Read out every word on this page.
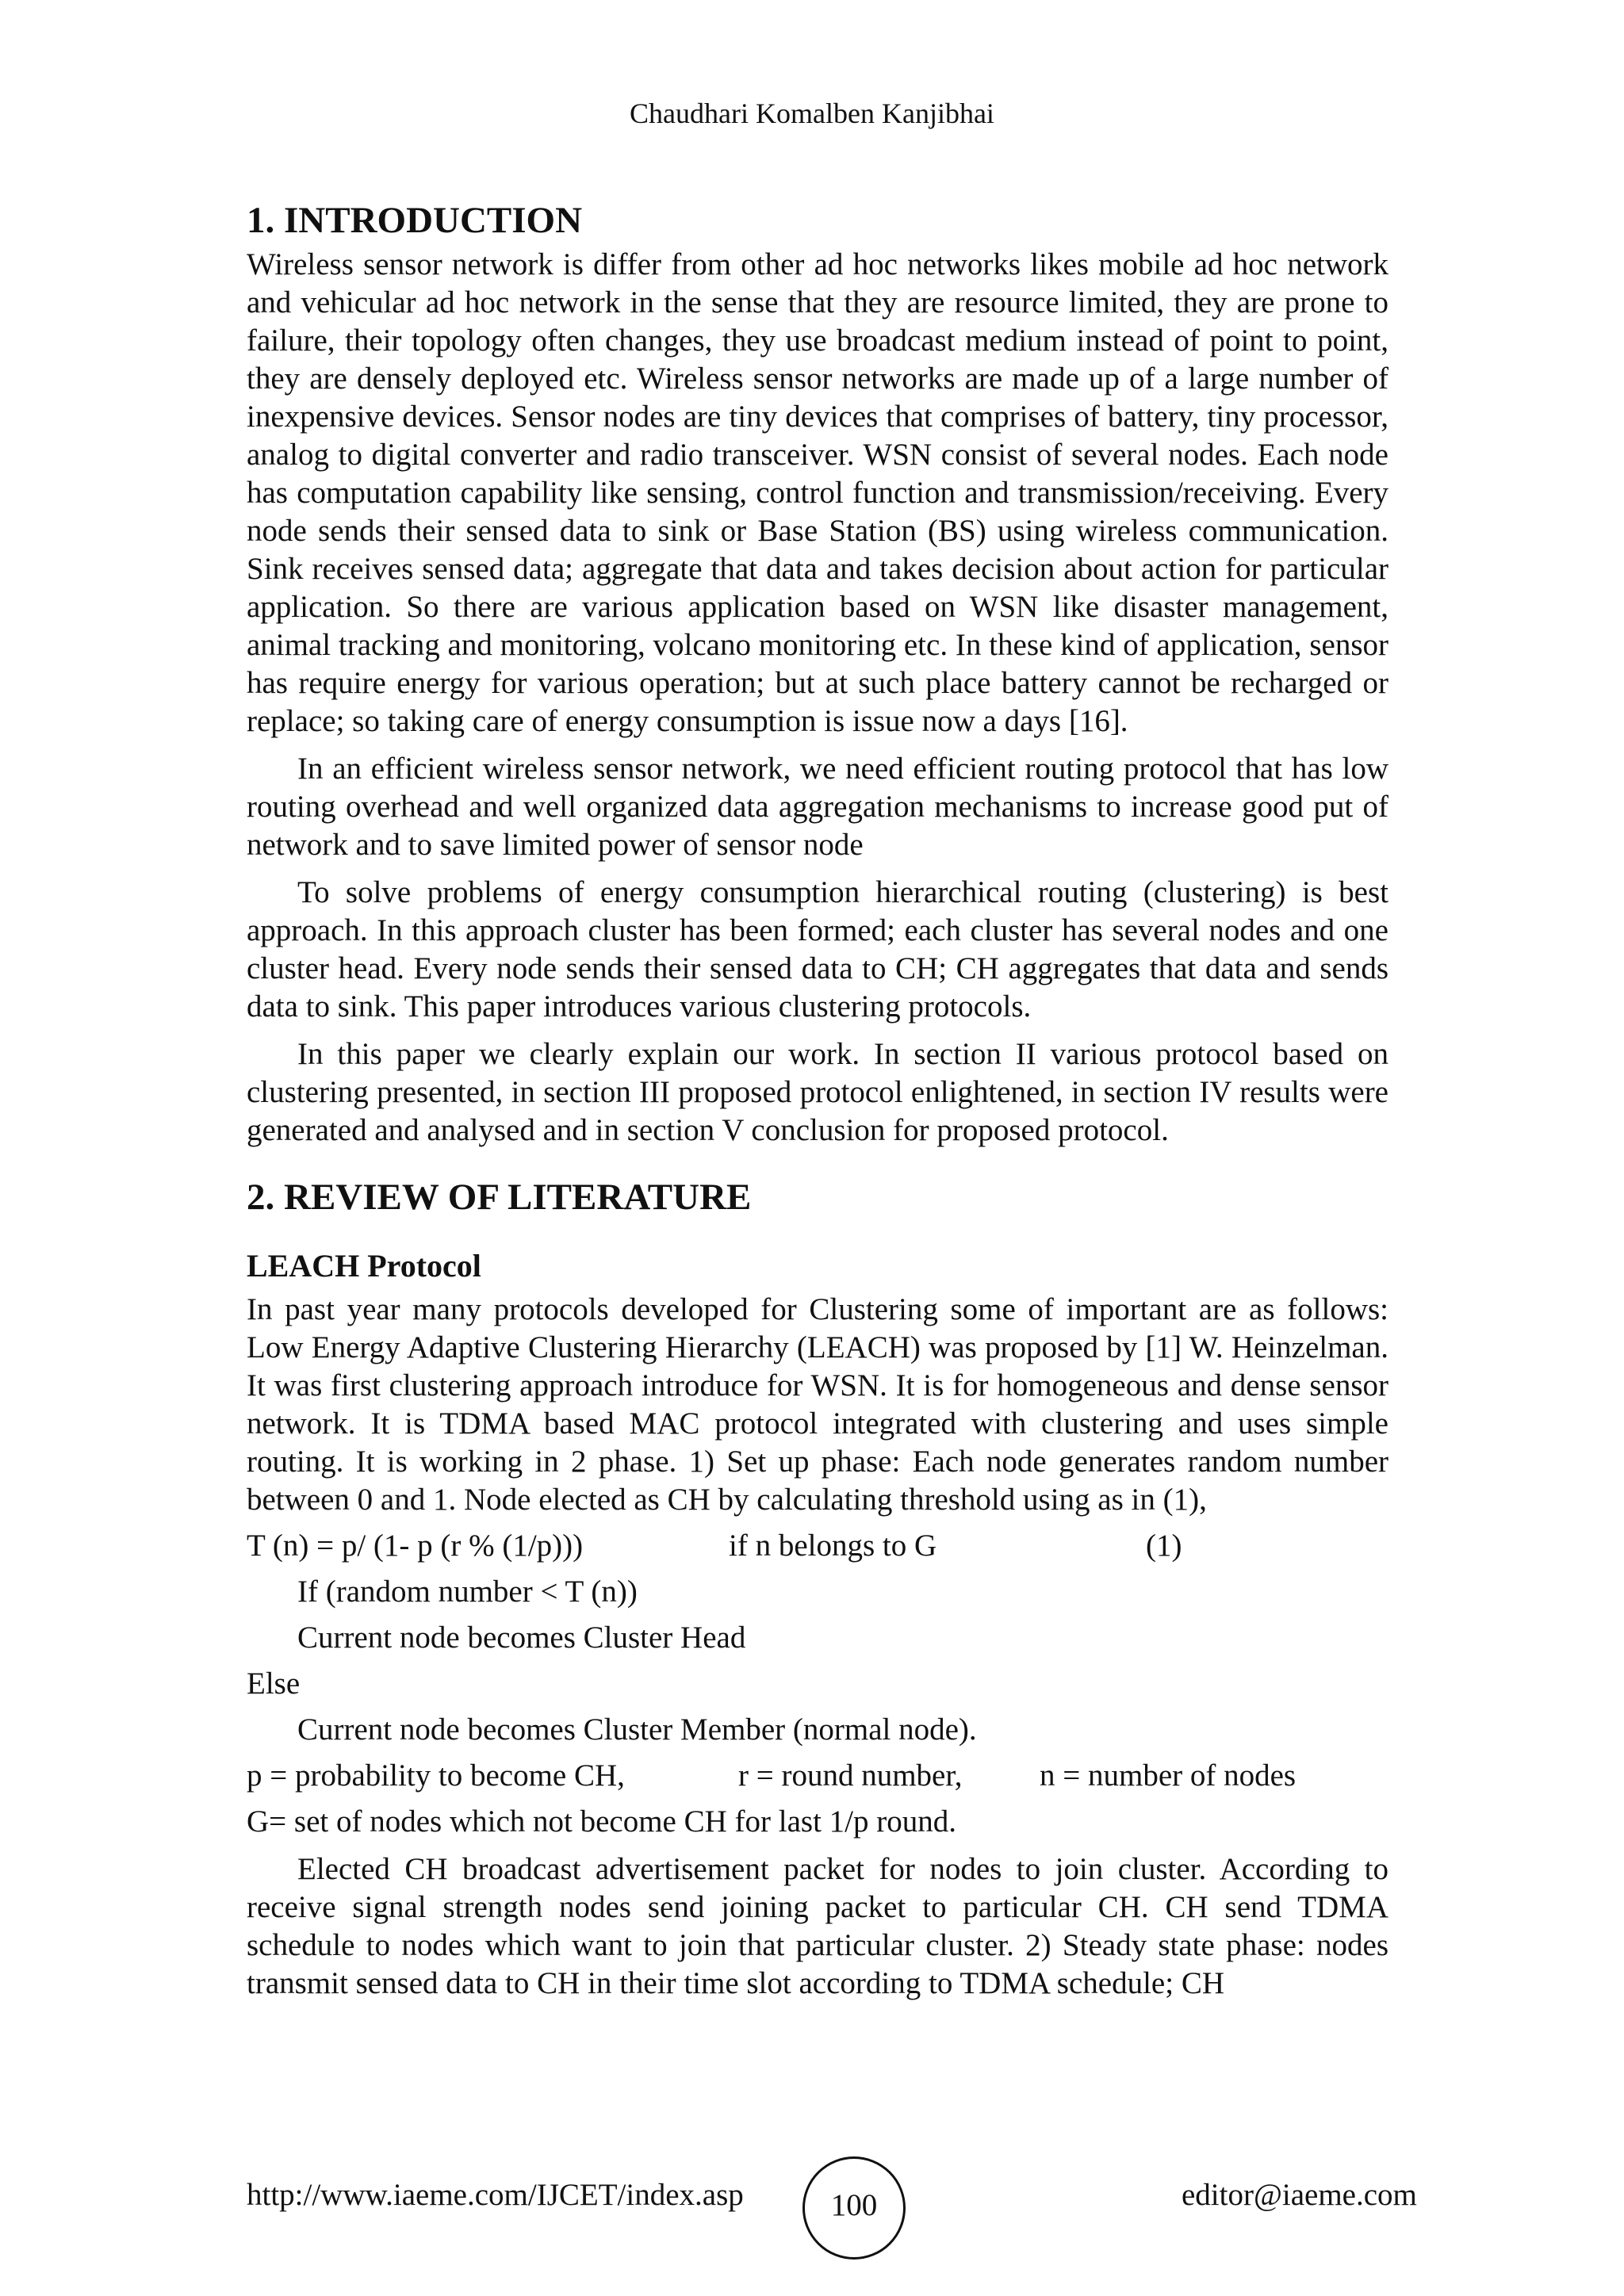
Chaudhari Komalben Kanjibhai
1. INTRODUCTION

Wireless sensor network is differ from other ad hoc networks likes mobile ad hoc network and vehicular ad hoc network in the sense that they are resource limited, they are prone to failure, their topology often changes, they use broadcast medium instead of point to point, they are densely deployed etc. Wireless sensor networks are made up of a large number of inexpensive devices. Sensor nodes are tiny devices that comprises of battery, tiny processor, analog to digital converter and radio transceiver. WSN consist of several nodes. Each node has computation capability like sensing, control function and transmission/receiving. Every node sends their sensed data to sink or Base Station (BS) using wireless communication. Sink receives sensed data; aggregate that data and takes decision about action for particular application. So there are various application based on WSN like disaster management, animal tracking and monitoring, volcano monitoring etc. In these kind of application, sensor has require energy for various operation; but at such place battery cannot be recharged or replace; so taking care of energy consumption is issue now a days [16].

In an efficient wireless sensor network, we need efficient routing protocol that has low routing overhead and well organized data aggregation mechanisms to increase good put of network and to save limited power of sensor node

To solve problems of energy consumption hierarchical routing (clustering) is best approach. In this approach cluster has been formed; each cluster has several nodes and one cluster head. Every node sends their sensed data to CH; CH aggregates that data and sends data to sink. This paper introduces various clustering protocols.

In this paper we clearly explain our work. In section II various protocol based on clustering presented, in section III proposed protocol enlightened, in section IV results were generated and analysed and in section V conclusion for proposed protocol.

2. REVIEW OF LITERATURE
LEACH Protocol

In past year many protocols developed for Clustering some of important are as follows: Low Energy Adaptive Clustering Hierarchy (LEACH) was proposed by [1] W. Heinzelman. It was first clustering approach introduce for WSN. It is for homogeneous and dense sensor network. It is TDMA based MAC protocol integrated with clustering and uses simple routing. It is working in 2 phase. 1) Set up phase: Each node generates random number between 0 and 1. Node elected as CH by calculating threshold using as in (1),

T (n) = p/ (1- p (r % (1/p)))	if n belongs to G	(1)
If (random number < T (n))
Current node becomes Cluster Head
Else
Current node becomes Cluster Member (normal node).
p = probability to become CH,	r = round number, n = number of nodes
G= set of nodes which not become CH for last 1/p round.

Elected CH broadcast advertisement packet for nodes to join cluster. According to receive signal strength nodes send joining packet to particular CH. CH send TDMA schedule to nodes which want to join that particular cluster. 2) Steady state phase: nodes transmit sensed data to CH in their time slot according to TDMA schedule; CH

http://www.iaeme.com/IJCET/index.asp	100	editor@iaeme.com
